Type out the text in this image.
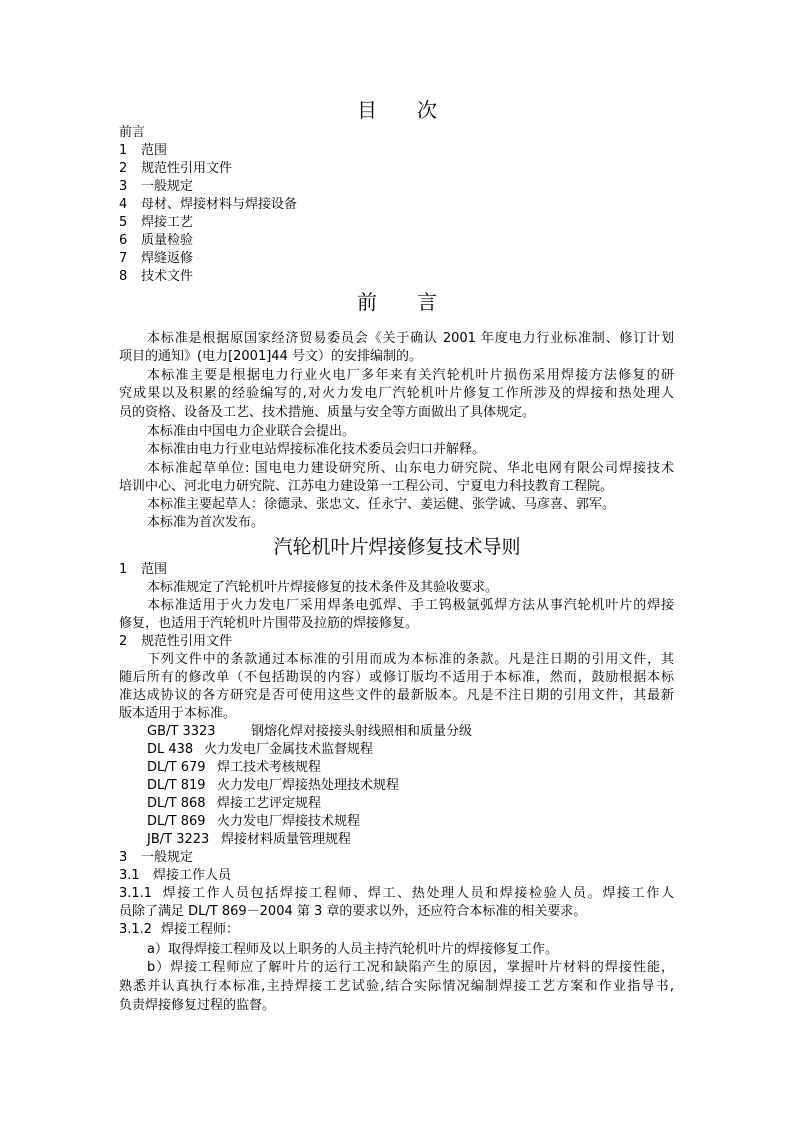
目　　次
前言
1 范围
2 规范性引用文件
3 一般规定
4 母材、焊接材料与焊接设备
5 焊接工艺
6 质量检验
7 焊缝返修
8 技术文件
前　　言
本标准是根据原国家经济贸易委员会《关于确认 2001 年度电力行业标准制、修订计划
项目的通知》(电力[2001]44 号文）的安排编制的。
本标准主要是根据电力行业火电厂多年来有关汽轮机叶片损伤采用焊接方法修复的研
究成果以及积累的经验编写的,对火力发电厂汽轮机叶片修复工作所涉及的焊接和热处理人
员的资格、设备及工艺、技术措施、质量与安全等方面做出了具体规定。
本标准由中国电力企业联合会提出。
本标准由电力行业电站焊接标准化技术委员会归口并解释。
本标准起草单位: 国电电力建设研究所、山东电力研究院、华北电网有限公司焊接技术
培训中心、河北电力研究院、江苏电力建设第一工程公司、宁夏电力科技教育工程院。
本标准主要起草人：徐德录、张忠文、任永宁、姜运健、张学诚、马彦喜、郭军。
本标准为首次发布。
汽轮机叶片焊接修复技术导则
1 范围
本标准规定了汽轮机叶片焊接修复的技术条件及其验收要求。
本标准适用于火力发电厂采用焊条电弧焊、手工钨极氩弧焊方法从事汽轮机叶片的焊接
修复，也适用于汽轮机叶片围带及拉筋的焊接修复。
2 规范性引用文件
下列文件中的条款通过本标准的引用而成为本标准的条款。凡是注日期的引用文件，其
随后所有的修改单（不包括勘误的内容）或修订版均不适用于本标准，然而，鼓励根据本标
准达成协议的各方研究是否可使用这些文件的最新版本。凡是不注日期的引用文件，其最新
版本适用于本标准。
GB/T 3323	钢熔化焊对接接头射线照相和质量分级
DL 438 火力发电厂金属技术监督规程
DL/T 679 焊工技术考核规程
DL/T 819 火力发电厂焊接热处理技术规程
DL/T 868 焊接工艺评定规程
DL/T 869 火力发电厂焊接技术规程
JB/T 3223 焊接材料质量管理规程
3 一般规定
3.1 焊接工作人员
3.1.1 焊接工作人员包括焊接工程师、焊工、热处理人员和焊接检验人员。焊接工作人
员除了满足 DL/T 869－2004 第 3 章的要求以外，还应符合本标准的相关要求。
3.1.2 焊接工程师：
a）取得焊接工程师及以上职务的人员主持汽轮机叶片的焊接修复工作。
b）焊接工程师应了解叶片的运行工况和缺陷产生的原因，掌握叶片材料的焊接性能，
熟悉并认真执行本标准,主持焊接工艺试验,结合实际情况编制焊接工艺方案和作业指导书,
负责焊接修复过程的监督。
